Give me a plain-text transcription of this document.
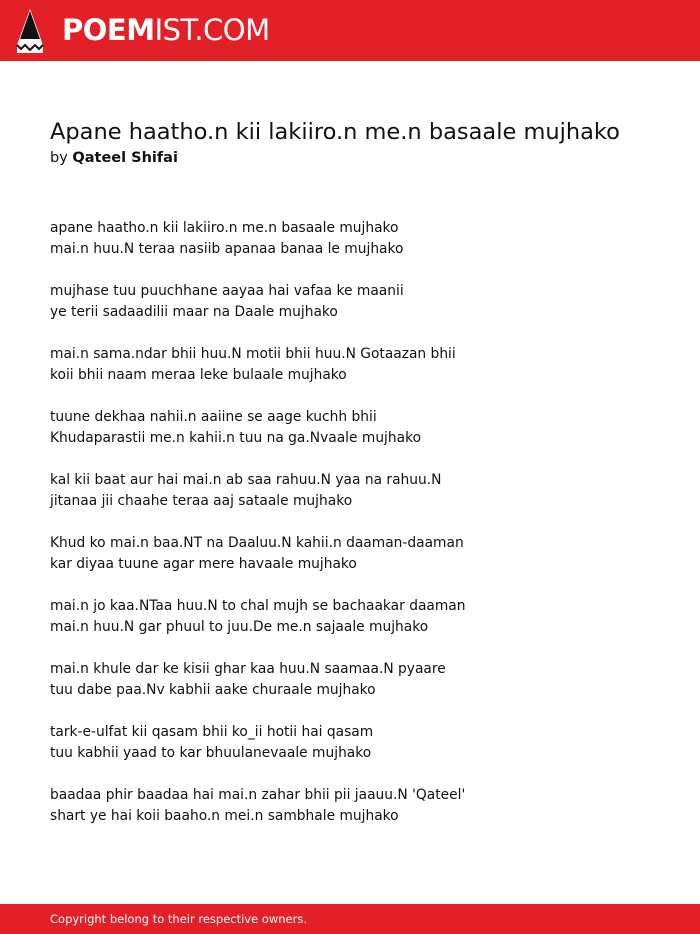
POEMIST.COM
Apane haatho.n kii lakiiro.n me.n basaale mujhako
by Qateel Shifai
apane haatho.n kii lakiiro.n me.n basaale mujhako
mai.n huu.N teraa nasiib apanaa banaa le mujhako
mujhase tuu puuchhane aayaa hai vafaa ke maanii
ye terii sadaadilii maar na Daale mujhako
mai.n sama.ndar bhii huu.N motii bhii huu.N Gotaazan bhii
koii bhii naam meraa leke bulaale mujhako
tuune dekhaa nahii.n aaiine se aage kuchh bhii
Khudaparastii me.n kahii.n tuu na ga.Nvaale mujhako
kal kii baat aur hai mai.n ab saa rahuu.N yaa na rahuu.N
jitanaa jii chaahe teraa aaj sataale mujhako
Khud ko mai.n baa.NT na Daaluu.N kahii.n daaman-daaman
kar diyaa tuune agar mere havaale mujhako
mai.n jo kaa.NTaa huu.N to chal mujh se bachaakar daaman
mai.n huu.N gar phuul to juu.De me.n sajaale mujhako
mai.n khule dar ke kisii ghar kaa huu.N saamaa.N pyaare
tuu dabe paa.Nv kabhii aake churaale mujhako
tark-e-ulfat kii qasam bhii ko_ii hotii hai qasam
tuu kabhii yaad to kar bhuulanevaale mujhako
baadaa phir baadaa hai mai.n zahar bhii pii jaauu.N 'Qateel'
shart ye hai koii baaho.n mei.n sambhale mujhako
Copyright belong to their respective owners.
